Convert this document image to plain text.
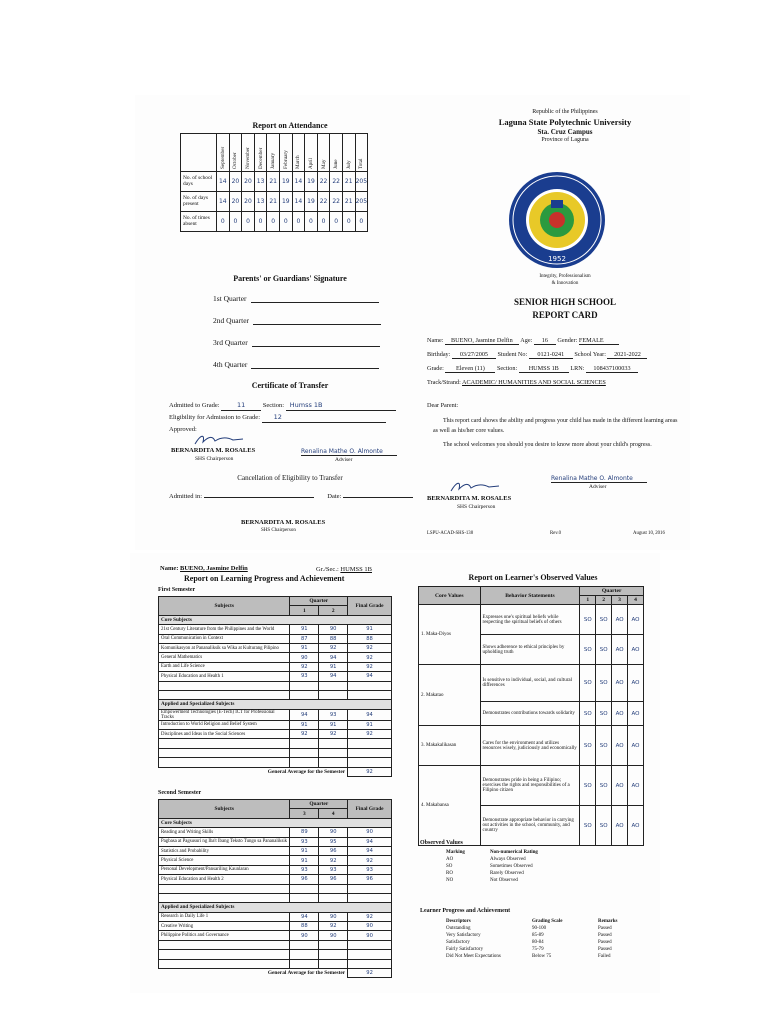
Report on Attendance
	September	October	November	December	January	February	March	April	May	June	July	Total
No. of school days	14	20	20	13	21	19	14	19	22	22	21	205
No. of days present	14	20	20	13	21	19	14	19	22	22	21	205
No. of times absent	0	0	0	0	0	0	0	0	0	0	0	0
Parents' or Guardians' Signature
1st Quarter
2nd Quarter
3rd Quarter
4th Quarter
Certificate of Transfer
Admitted to Grade:	11	Section: Humss 1B
Eligibility for Admission to Grade: 12
Approved:
BERNARDITA M. ROSALES
SHS Chairperson
Renalina Mathe O. Almonte
Adviser
Cancellation of Eligibility to Transfer
Admitted in:	Date:
BERNARDITA M. ROSALES
SHS Chairperson
Republic of the Philippines
Laguna State Polytechnic University
Sta. Cruz Campus
Province of Laguna
1952
Integrity, Professionalism
& Innovation
SENIOR HIGH SCHOOL
REPORT CARD
Name: BUENO, Jasmine Delfin Age: 16 Gender: FEMALE
Birthday: 03/27/2005 Student No: 0121-0241 School Year: 2021-2022
Grade: Eleven (11) Section: HUMSS 1B LRN: 108437100033
Track/Strand: ACADEMIC/ HUMANITIES AND SOCIAL SCIENCES
Dear Parent:
This report card shows the ability and progress your child has made in the different learning areas as well as his/her core values.
The school welcomes you should you desire to know more about your child's progress.
Renalina Mathe O. Almonte
Adviser
BERNARDITA M. ROSALES
SHS Chairperson
LSPU-ACAD-SHS-138	Rev.0	August 10, 2016
Name: BUENO, Jasmine Delfin	Gr./Sec.: HUMSS 1B
Report on Learning Progress and Achievement
First Semester
Subjects	Quarter		Final Grade
	1	2	
Core Subjects			
21st Century Literature from the Philippines and the World	91	90	91
Oral Communication in Context	87	88	88
Komunikasyon at Pananaliksik sa Wika at Kulturang Pilipino	91	92	92
General Mathematics	90	94	92
Earth and Life Science	92	91	92
Physical Education and Health 1	93	94	94

Applied and Specialized Subjects			
Empowerment Technologies (E-Tech) ICT for Professional Tracks	94	93	94
Introduction to World Religion and Belief System	91	91	91
Disciplines and Ideas in the Social Sciences	92	92	92

General Average for the Semester			92
Second Semester
Subjects	Quarter		Final Grade
	3	4	
Core Subjects			
Reading and Writing Skills	89	90	90
Pagbasa at Pagsusuri ng Iba't Ibang Teksto Tungo sa Pananaliksik	93	95	94
Statistics and Probability	91	96	94
Physical Science	91	92	92
Personal Development/Pansariling Kaunlaran	93	93	93
Physical Education and Health 2	96	96	96

Applied and Specialized Subjects			
Research in Daily Life 1	94	90	92
Creative Writing	88	92	90
Philippine Politics and Governance	90	90	90

General Average for the Semester			92
Report on Learner's Observed Values
Core Values	Behavior Statements	Quarter			
		1	2	3	4
1. Maka-Diyos	Expresses one's spiritual beliefs while respecting the spiritual beliefs of others	SO	SO	AO	AO
	Shows adherence to ethical principles by upholding truth	SO	SO	AO	AO
2. Makatao	Is sensitive to individual, social, and cultural differences	SO	SO	AO	AO
	Demonstrates contributions towards solidarity	SO	SO	AO	AO
3. Makakalikasan	Cares for the environment and utilizes resources wisely, judiciously and economically	SO	SO	AO	AO
4. Makabansa	Demonstrates pride in being a Filipino; exercises the rights and responsibilities of a Filipino citizen	SO	SO	AO	AO
	Demonstrate appropriate behavior in carrying out activities in the school, community, and country	SO	SO	AO	AO
Observed Values
Marking	Non-numerical Rating
AO	Always Observed
SO	Sometimes Observed
RO	Rarely Observed
NO	Not Observed
Learner Progress and Achievement
Descriptors	Grading Scale	Remarks
Outstanding	90-100	Passed
Very Satisfactory	85-89	Passed
Satisfactory	80-84	Passed
Fairly Satisfactory	75-79	Passed
Did Not Meet Expectations	Below 75	Failed
